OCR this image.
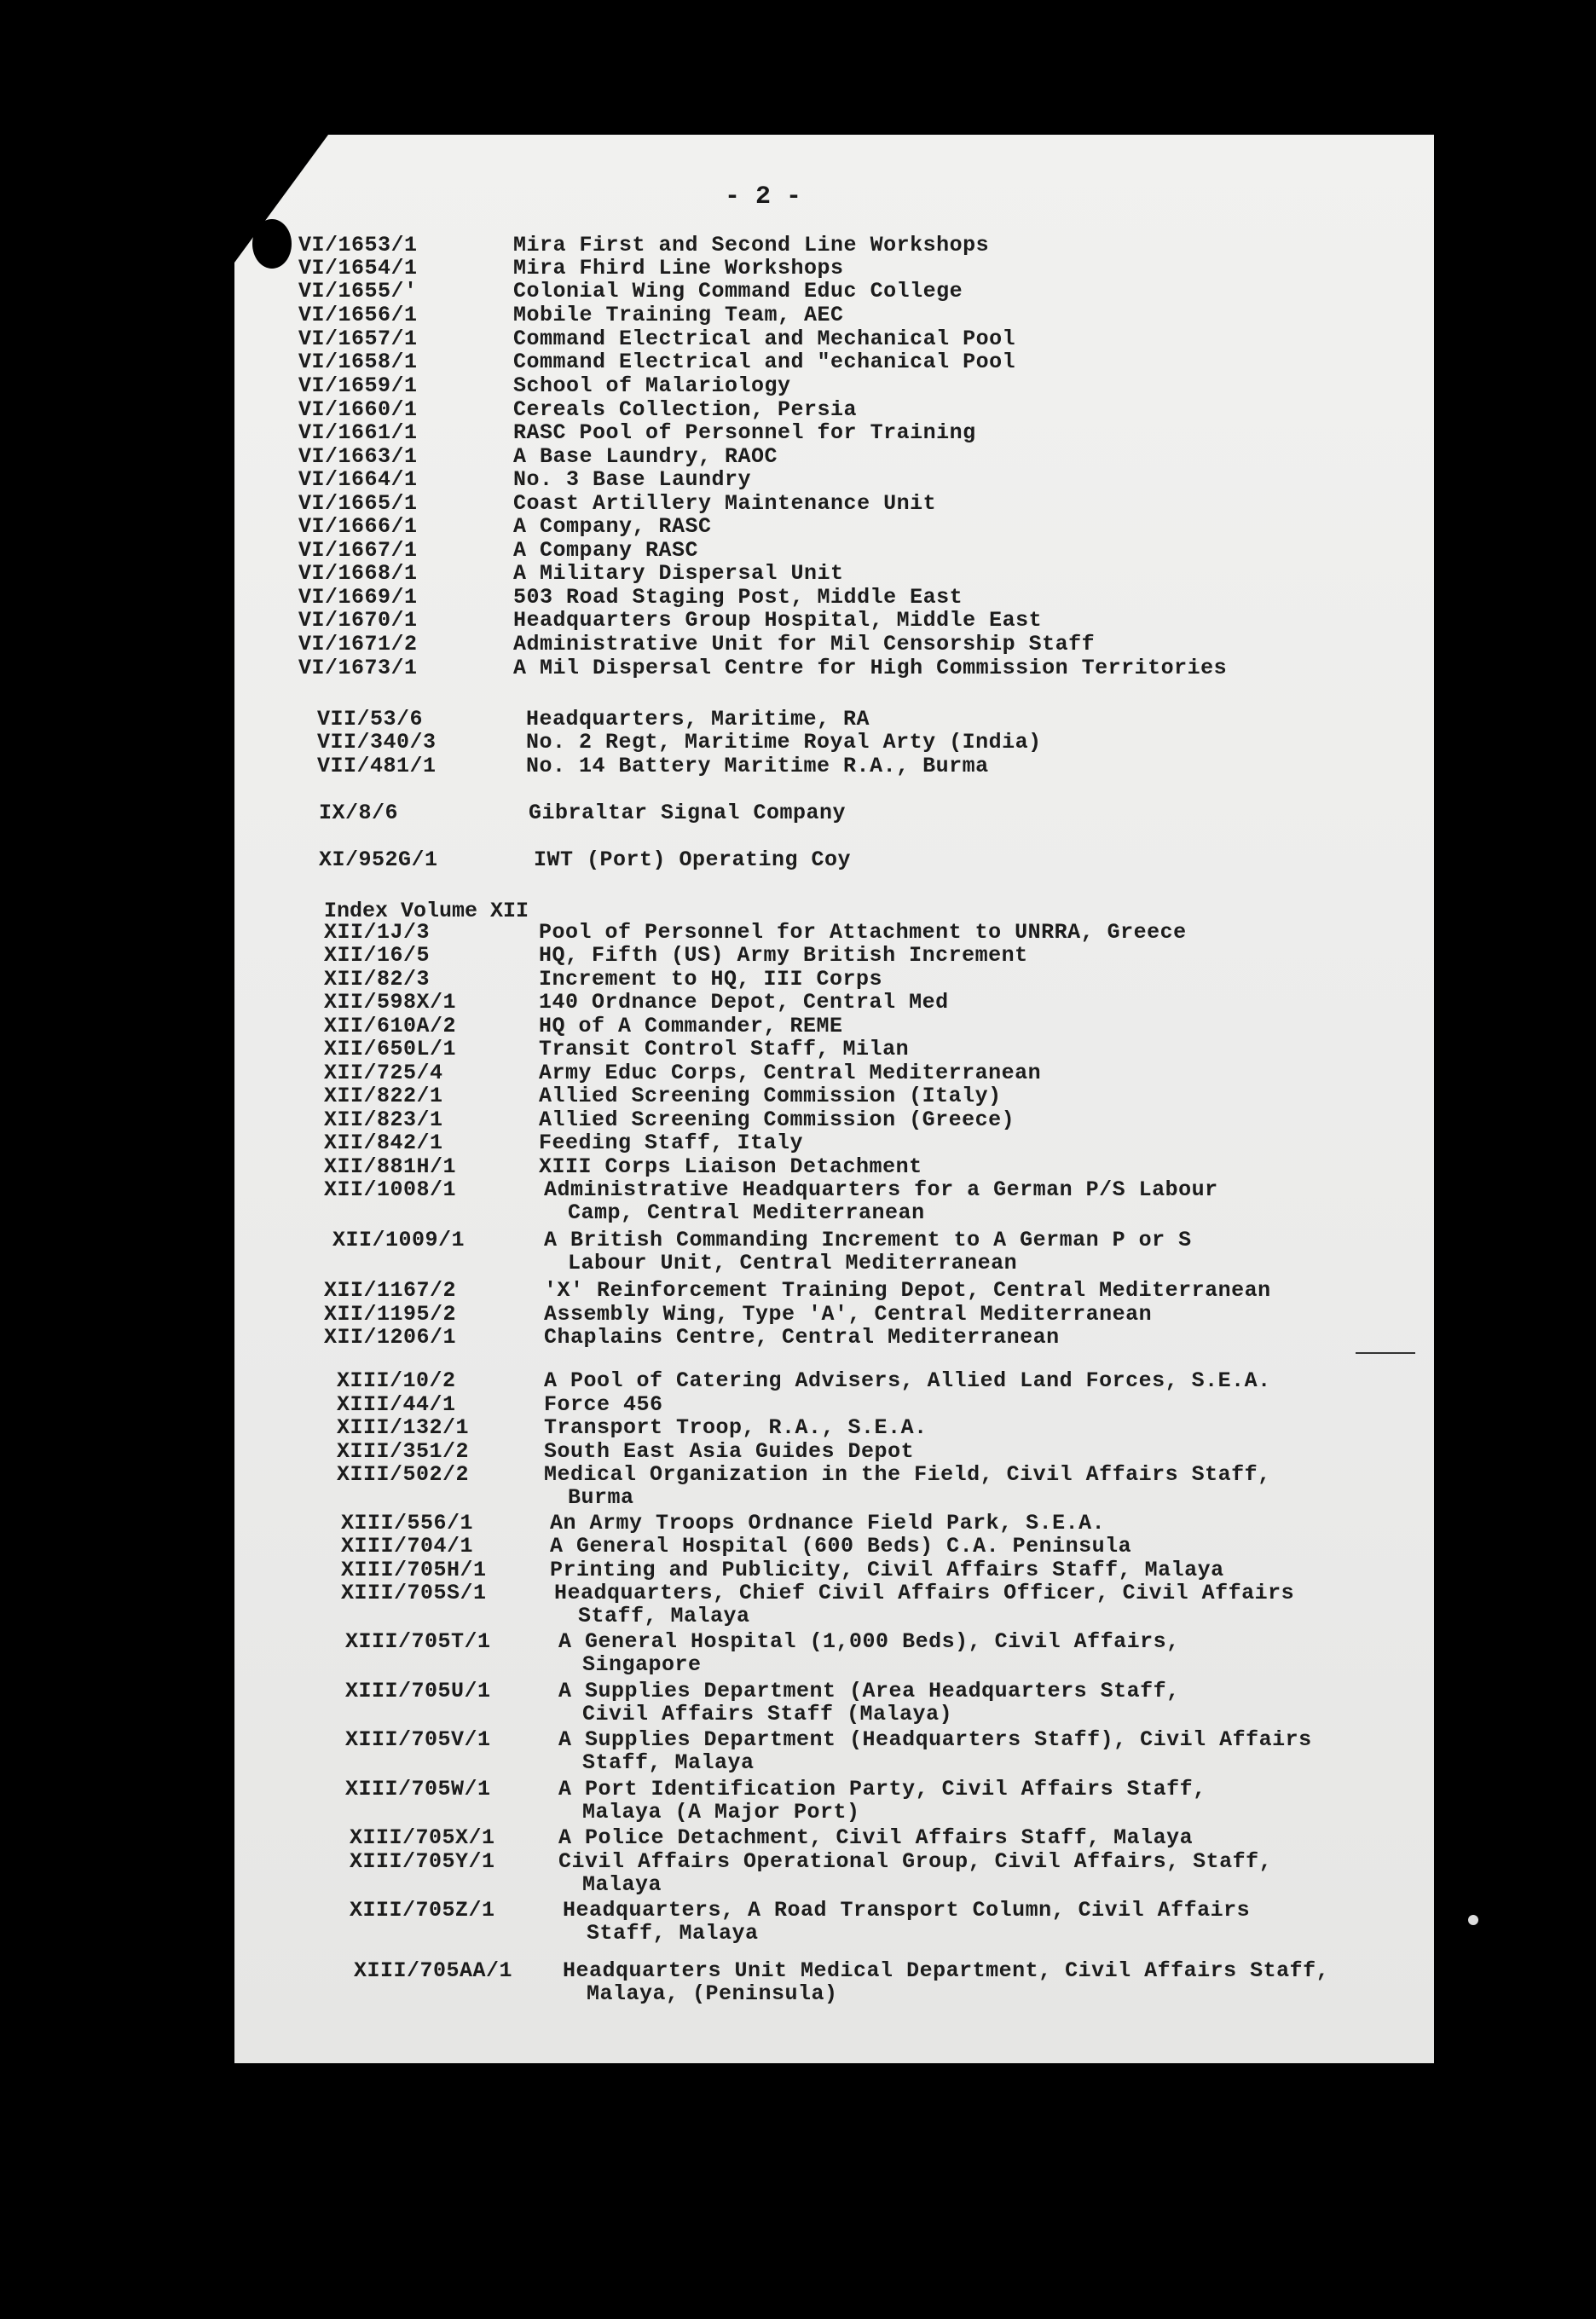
- 2 -
Index Volume XII
VI/1653/1	Mira First and Second Line Workshops
VI/1654/1	Mira Fhird Line Workshops
VI/1655/'	Colonial Wing Command Educ College
VI/1656/1	Mobile Training Team, AEC
VI/1657/1	Command Electrical and Mechanical Pool
VI/1658/1	Command Electrical and "echanical Pool
VI/1659/1	School of Malariology
VI/1660/1	Cereals Collection, Persia
VI/1661/1	RASC Pool of Personnel for Training
VI/1663/1	A Base Laundry, RAOC
VI/1664/1	No. 3 Base Laundry
VI/1665/1	Coast Artillery Maintenance Unit
VI/1666/1	A Company, RASC
VI/1667/1	A Company RASC
VI/1668/1	A Military Dispersal Unit
VI/1669/1	503 Road Staging Post, Middle East
VI/1670/1	Headquarters Group Hospital, Middle East
VI/1671/2	Administrative Unit for Mil Censorship Staff
VI/1673/1	A Mil Dispersal Centre for High Commission Territories
VII/53/6	Headquarters, Maritime, RA
VII/340/3	No. 2 Regt, Maritime Royal Arty (India)
VII/481/1	No. 14 Battery Maritime R.A., Burma
IX/8/6	Gibraltar Signal Company
XI/952G/1	IWT (Port) Operating Coy
XII/1J/3	Pool of Personnel for Attachment to UNRRA, Greece
XII/16/5	HQ, Fifth (US) Army British Increment
XII/82/3	Increment to HQ, III Corps
XII/598X/1	140 Ordnance Depot, Central Med
XII/610A/2	HQ of A Commander, REME
XII/650L/1	Transit Control Staff, Milan
XII/725/4	Army Educ Corps, Central Mediterranean
XII/822/1	Allied Screening Commission (Italy)
XII/823/1	Allied Screening Commission (Greece)
XII/842/1	Feeding Staff, Italy
XII/881H/1	XIII Corps Liaison Detachment
XII/1008/1	Administrative Headquarters for a German P/S Labour
Camp, Central Mediterranean
XII/1009/1	A British Commanding Increment to A German P or S
Labour Unit, Central Mediterranean
XII/1167/2	'X' Reinforcement Training Depot, Central Mediterranean
XII/1195/2	Assembly Wing, Type 'A', Central Mediterranean
XII/1206/1	Chaplains Centre, Central Mediterranean
XIII/10/2	A Pool of Catering Advisers, Allied Land Forces, S.E.A.
XIII/44/1	Force 456
XIII/132/1	Transport Troop, R.A., S.E.A.
XIII/351/2	South East Asia Guides Depot
XIII/502/2	Medical Organization in the Field, Civil Affairs Staff,
Burma
XIII/556/1	An Army Troops Ordnance Field Park, S.E.A.
XIII/704/1	A General Hospital (600 Beds) C.A. Peninsula
XIII/705H/1	Printing and Publicity, Civil Affairs Staff, Malaya
XIII/705S/1	Headquarters, Chief Civil Affairs Officer, Civil Affairs
Staff, Malaya
XIII/705T/1	A General Hospital (1,000 Beds), Civil Affairs,
Singapore
XIII/705U/1	A Supplies Department (Area Headquarters Staff,
Civil Affairs Staff (Malaya)
XIII/705V/1	A Supplies Department (Headquarters Staff), Civil Affairs
Staff, Malaya
XIII/705W/1	A Port Identification Party, Civil Affairs Staff,
Malaya (A Major Port)
XIII/705X/1	A Police Detachment, Civil Affairs Staff, Malaya
XIII/705Y/1	Civil Affairs Operational Group, Civil Affairs, Staff,
Malaya
XIII/705Z/1	Headquarters, A Road Transport Column, Civil Affairs
Staff, Malaya
XIII/705AA/1 Headquarters Unit Medical Department, Civil Affairs Staff,
Malaya, (Peninsula)
